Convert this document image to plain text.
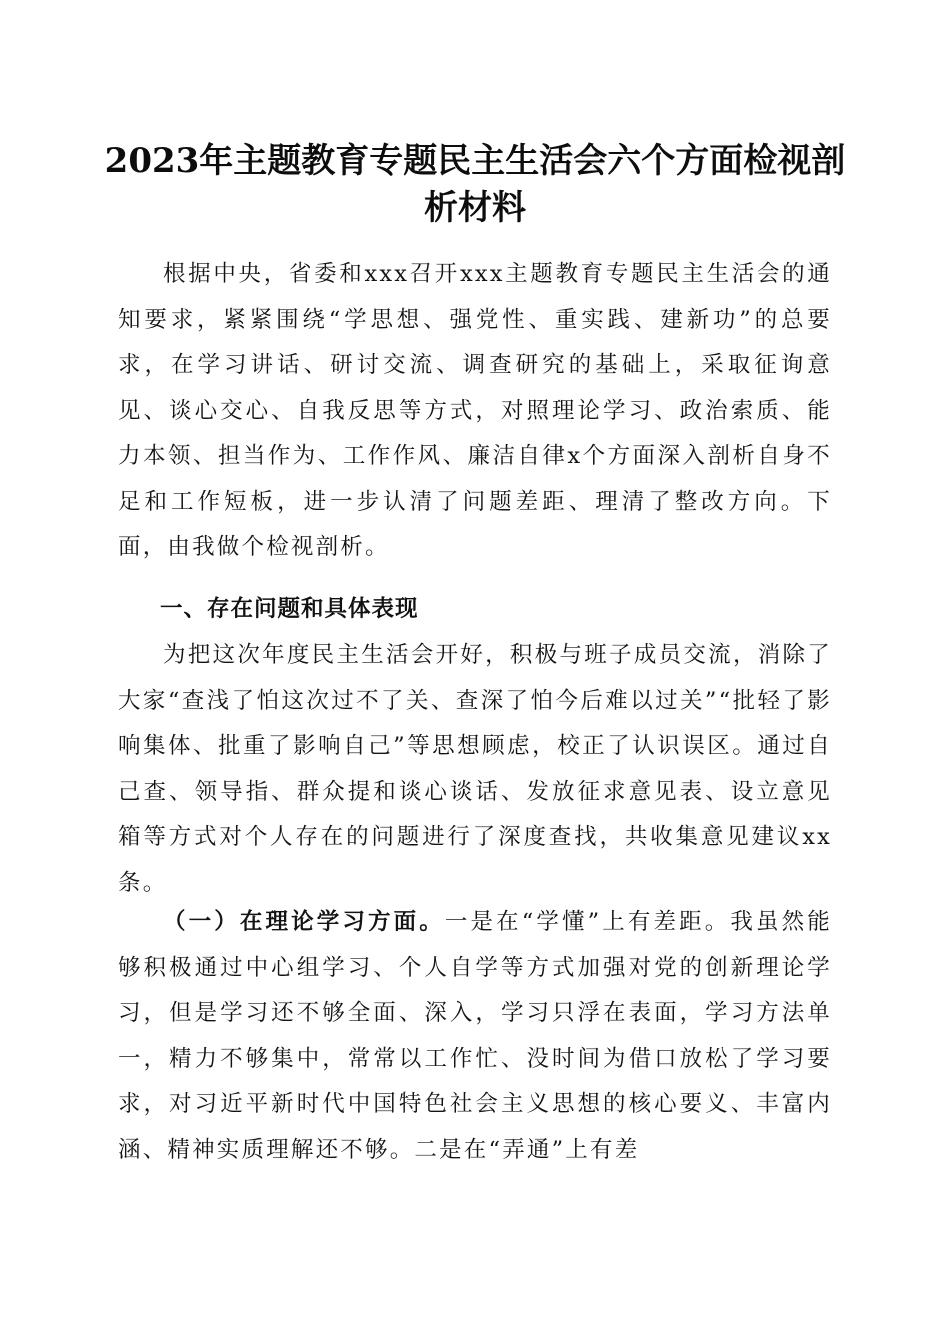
2023年主题教育专题民主生活会六个方面检视剖析材料

根据中央，省委和xxx召开xxx主题教育专题民主生活会的通知要求，紧紧围绕“学思想、强党性、重实践、建新功”的总要求，在学习讲话、研讨交流、调查研究的基础上，采取征询意见、谈心交心、自我反思等方式，对照理论学习、政治索质、能力本领、担当作为、工作作风、廉洁自律x个方面深入剖析自身不足和工作短板，进一步认清了问题差距、理清了整改方向。下面，由我做个检视剖析。

一、存在问题和具体表现

为把这次年度民主生活会开好，积极与班子成员交流，消除了大家“查浅了怕这次过不了关、查深了怕今后难以过关”“批轻了影响集体、批重了影响自己”等思想顾虑，校正了认识误区。通过自己查、领导指、群众提和谈心谈话、发放征求意见表、设立意见箱等方式对个人存在的问题进行了深度查找，共收集意见建议xx条。

（一）在理论学习方面。一是在“学懂”上有差距。我虽然能够积极通过中心组学习、个人自学等方式加强对党的创新理论学习，但是学习还不够全面、深入，学习只浮在表面，学习方法单一，精力不够集中，常常以工作忙、没时间为借口放松了学习要求，对习近平新时代中国特色社会主义思想的核心要义、丰富内涵、精神实质理解还不够。二是在“弄通”上有差
